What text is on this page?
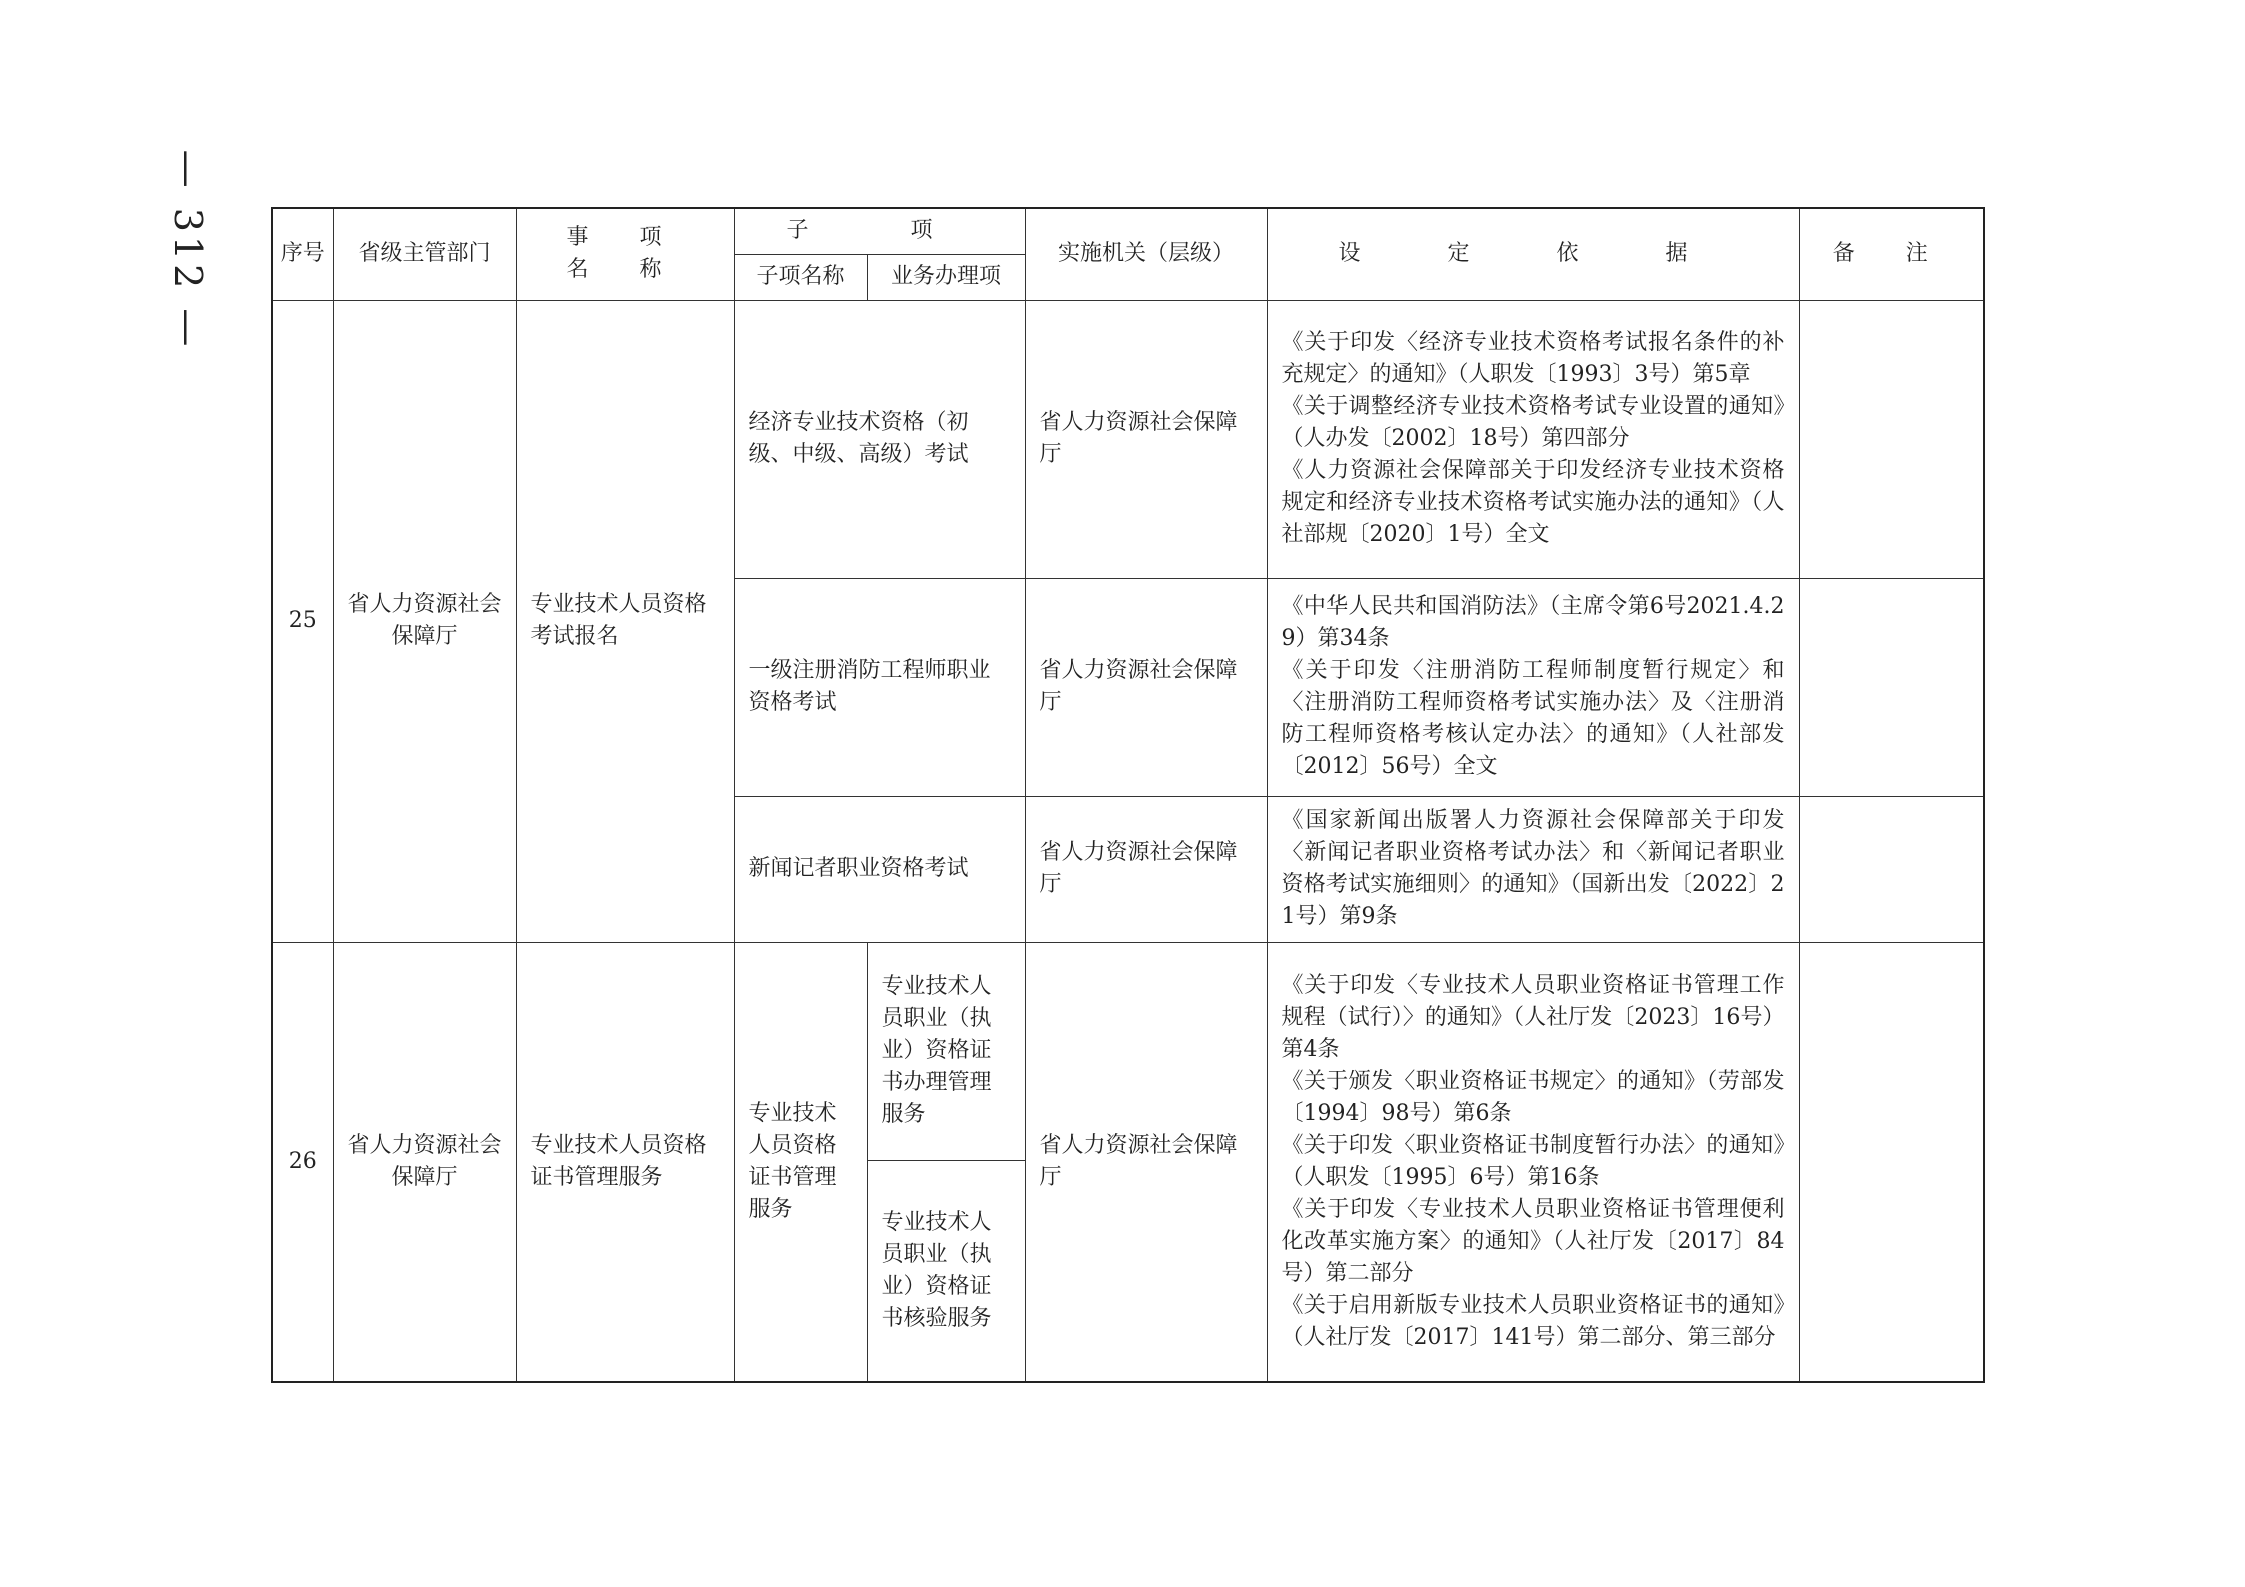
— 312 —	序号	省级主管部门	事 项 名 称	子　项		实施机关（层级）	设 定 依 据	备 注
			子项名称	业务办理项			
25	省人力资源社会保障厅	专业技术人员资格考试报名	经济专业技术资格（初级、中级、高级）考试		省人力资源社会保障厅	《关于印发〈经济专业技术资格考试报名条件的补充规定〉的通知》（人职发〔1993〕3号）第5章
《关于调整经济专业技术资格考试专业设置的通知》（人办发〔2002〕18号）第四部分
《人力资源社会保障部关于印发经济专业技术资格规定和经济专业技术资格考试实施办法的通知》（人社部规〔2020〕1号）全文	

			一级注册消防工程师职业资格考试		省人力资源社会保障厅	《中华人民共和国消防法》（主席令第6号2021.4.29）第34条
《关于印发〈注册消防工程师制度暂行规定〉和〈注册消防工程师资格考试实施办法〉及〈注册消防工程师资格考核认定办法〉的通知》（人社部发〔2012〕56号）全文	

			新闻记者职业资格考试		省人力资源社会保障厅	《国家新闻出版署人力资源社会保障部关于印发〈新闻记者职业资格考试办法〉和〈新闻记者职业资格考试实施细则〉的通知》（国新出发〔2022〕21号）第9条	

26	省人力资源社会保障厅	专业技术人员资格证书管理服务	专业技术人员资格证书管理服务	专业技术人员职业（执业）资格证书办理管理服务	省人力资源社会保障厅	《关于印发〈专业技术人员职业资格证书管理工作规程（试行）〉的通知》（人社厅发〔2023〕16号）第4条
《关于颁发〈职业资格证书规定〉的通知》（劳部发〔1994〕98号）第6条
《关于印发〈职业资格证书制度暂行办法〉的通知》（人职发〔1995〕6号）第16条
《关于印发〈专业技术人员职业资格证书管理便利化改革实施方案〉的通知》（人社厅发〔2017〕84号）第二部分
《关于启用新版专业技术人员职业资格证书的通知》（人社厅发〔2017〕141号）第二部分、第三部分	

				专业技术人员职业（执业）资格证书核验服务			
